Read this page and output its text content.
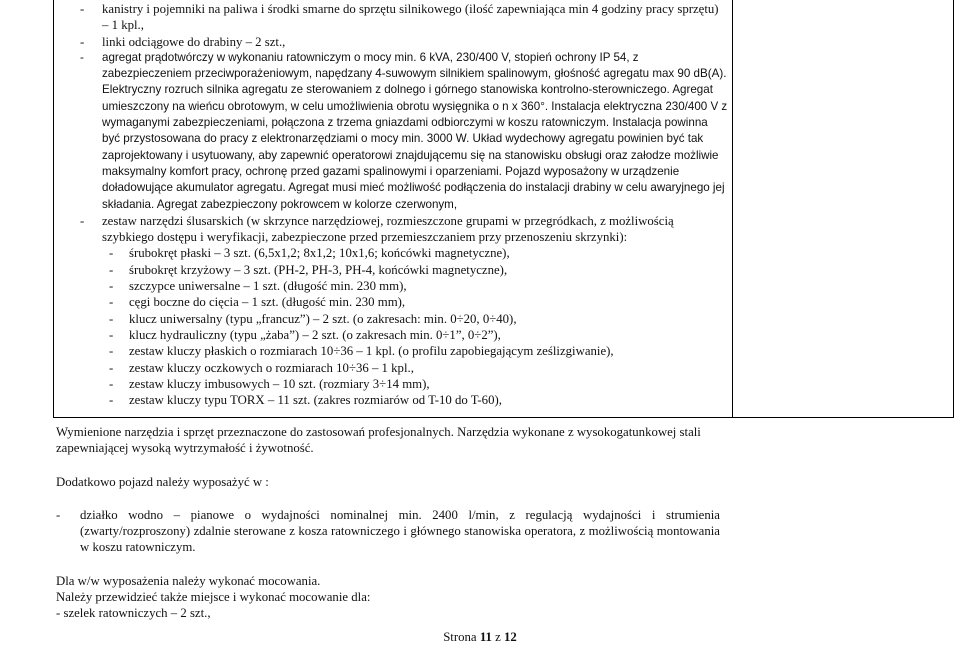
- kanistry i pojemniki na paliwa i środki smarne do sprzętu silnikowego (ilość zapewniająca min 4 godziny pracy sprzętu) – 1 kpl.,
- linki odciągowe do drabiny – 2 szt.,
- agregat prądotwórczy w wykonaniu ratowniczym o mocy min. 6 kVA, 230/400 V, stopień ochrony IP 54, z zabezpieczeniem przeciwporażeniowym, napędzany 4-suwowym silnikiem spalinowym, głośność agregatu max 90 dB(A). Elektryczny rozruch silnika agregatu ze sterowaniem z dolnego i górnego stanowiska kontrolno-sterowniczego. Agregat umieszczony na wieńcu obrotowym, w celu umożliwienia obrotu wysięgnika o n x 360°. Instalacja elektryczna 230/400 V z wymaganymi zabezpieczeniami, połączona z trzema gniazdami odbiorczymi w koszu ratowniczym. Instalacja powinna być przystosowana do pracy z elektronarzędziami o mocy min. 3000 W. Układ wydechowy agregatu powinien być tak zaprojektowany i usytuowany, aby zapewnić operatorowi znajdującemu się na stanowisku obsługi oraz załodze możliwie maksymalny komfort pracy, ochronę przed gazami spalinowymi i oparzeniami. Pojazd wyposażony w urządzenie doładowujące akumulator agregatu. Agregat musi mieć możliwość podłączenia do instalacji drabiny w celu awaryjnego jej składania. Agregat zabezpieczony pokrowcem w kolorze czerwonym,
- zestaw narzędzi ślusarskich (w skrzynce narzędziowej, rozmieszczone grupami w przegródkach, z możliwością szybkiego dostępu i weryfikacji, zabezpieczone przed przemieszczaniem przy przenoszeniu skrzynki):
- śrubokręt płaski – 3 szt. (6,5x1,2; 8x1,2; 10x1,6; końcówki magnetyczne),
- śrubokręt krzyżowy – 3 szt. (PH-2, PH-3, PH-4, końcówki magnetyczne),
- szczypce uniwersalne – 1 szt. (długość min. 230 mm),
- cęgi boczne do cięcia – 1 szt. (długość min. 230 mm),
- klucz uniwersalny (typu „francuz”) – 2 szt. (o zakresach: min. 0÷20, 0÷40),
- klucz hydrauliczny (typu „żaba”) – 2 szt. (o zakresach min. 0÷1”, 0÷2”),
- zestaw kluczy płaskich o rozmiarach 10÷36 – 1 kpl. (o profilu zapobiegającym ześlizgiwanie),
- zestaw kluczy oczkowych o rozmiarach 10÷36 – 1 kpl.,
- zestaw kluczy imbusowych – 10 szt. (rozmiary 3÷14 mm),
- zestaw kluczy typu TORX – 11 szt. (zakres rozmiarów od T-10 do T-60),

Wymienione narzędzia i sprzęt przeznaczone do zastosowań profesjonalnych. Narzędzia wykonane z wysokogatunkowej stali zapewniającej wysoką wytrzymałość i żywotność.

Dodatkowo pojazd należy wyposażyć w :

- działko wodno – pianowe o wydajności nominalnej min. 2400 l/min, z regulacją wydajności i strumienia (zwarty/rozproszony) zdalnie sterowane z kosza ratowniczego i głównego stanowiska operatora, z możliwością montowania w koszu ratowniczym.

Dla w/w wyposażenia należy wykonać mocowania.

Należy przewidzieć także miejsce i wykonać mocowanie dla:

- szelek ratowniczych – 2 szt.,

Strona 11 z 12
